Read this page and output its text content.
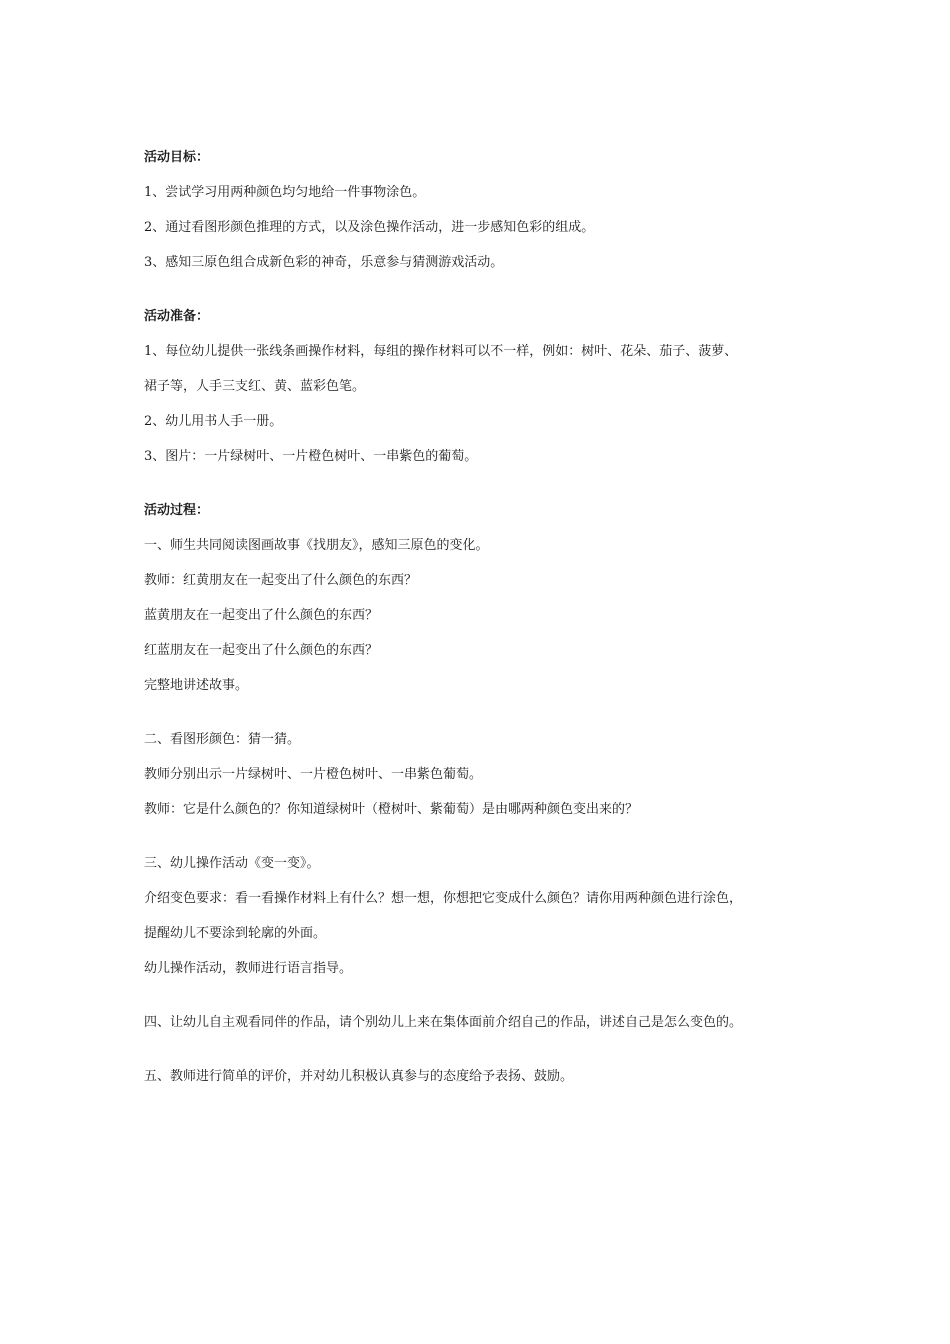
活动目标：
1、尝试学习用两种颜色均匀地给一件事物涂色。
2、通过看图形颜色推理的方式，以及涂色操作活动，进一步感知色彩的组成。
3、感知三原色组合成新色彩的神奇，乐意参与猜测游戏活动。
活动准备：
1、每位幼儿提供一张线条画操作材料，每组的操作材料可以不一样，例如：树叶、花朵、茄子、菠萝、
裙子等，人手三支红、黄、蓝彩色笔。
2、幼儿用书人手一册。
3、图片：一片绿树叶、一片橙色树叶、一串紫色的葡萄。
活动过程：
一、师生共同阅读图画故事《找朋友》，感知三原色的变化。
教师：红黄朋友在一起变出了什么颜色的东西？
蓝黄朋友在一起变出了什么颜色的东西？
红蓝朋友在一起变出了什么颜色的东西？
完整地讲述故事。
二、看图形颜色：猜一猜。
教师分别出示一片绿树叶、一片橙色树叶、一串紫色葡萄。
教师：它是什么颜色的？你知道绿树叶（橙树叶、紫葡萄）是由哪两种颜色变出来的？
三、幼儿操作活动《变一变》。
介绍变色要求：看一看操作材料上有什么？想一想，你想把它变成什么颜色？请你用两种颜色进行涂色，
提醒幼儿不要涂到轮廓的外面。
幼儿操作活动，教师进行语言指导。
四、让幼儿自主观看同伴的作品，请个别幼儿上来在集体面前介绍自己的作品，讲述自己是怎么变色的。
五、教师进行简单的评价，并对幼儿积极认真参与的态度给予表扬、鼓励。
